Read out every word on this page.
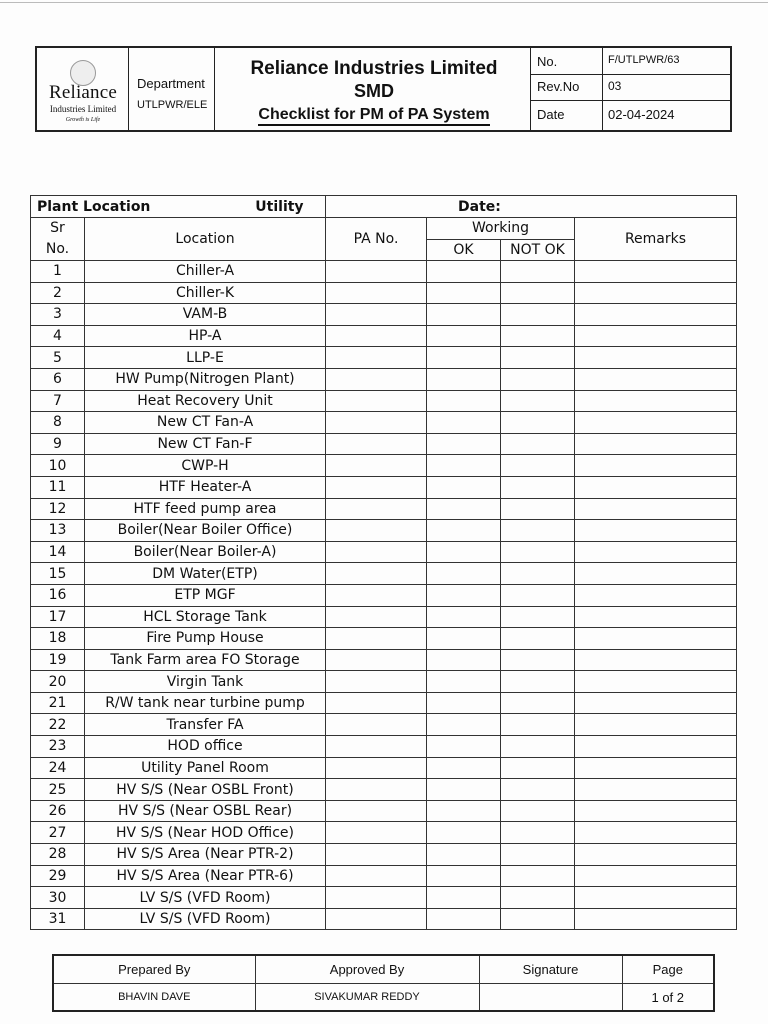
Reliance
Industries Limited
Growth is Life
Department
UTLPWR/ELE
Reliance Industries Limited
SMD
Checklist for PM of PA System
No.	F/UTLPWR/63
Rev.No 03
Date	02-04-2024
Plant Location Utility		Date:			

Sr
No.	Location	PA No.	Working		Remarks
			OK	NOT OK	
1	Chiller-A				
2	Chiller-K				
3	VAM-B				
4	HP-A				
5	LLP-E				
6	HW Pump(Nitrogen Plant)				
7	Heat Recovery Unit				
8	New CT Fan-A				
9	New CT Fan-F				
10	CWP-H				
11	HTF Heater-A				
12	HTF feed pump area				
13	Boiler(Near Boiler Office)				
14	Boiler(Near Boiler-A)				
15	DM Water(ETP)				
16	ETP MGF				
17	HCL Storage Tank				
18	Fire Pump House				
19	Tank Farm area FO Storage				
20	Virgin Tank				
21	R/W tank near turbine pump				
22	Transfer FA				
23	HOD office				
24	Utility Panel Room				
25	HV S/S (Near OSBL Front)				
26	HV S/S (Near OSBL Rear)				
27	HV S/S (Near HOD Office)				
28	HV S/S Area (Near PTR-2)				
29	HV S/S Area (Near PTR-6)				
30	LV S/S (VFD Room)				
31	LV S/S (VFD Room)				
Prepared By	Approved By	Signature	Page
BHAVIN DAVE	SIVAKUMAR REDDY		1 of 2
